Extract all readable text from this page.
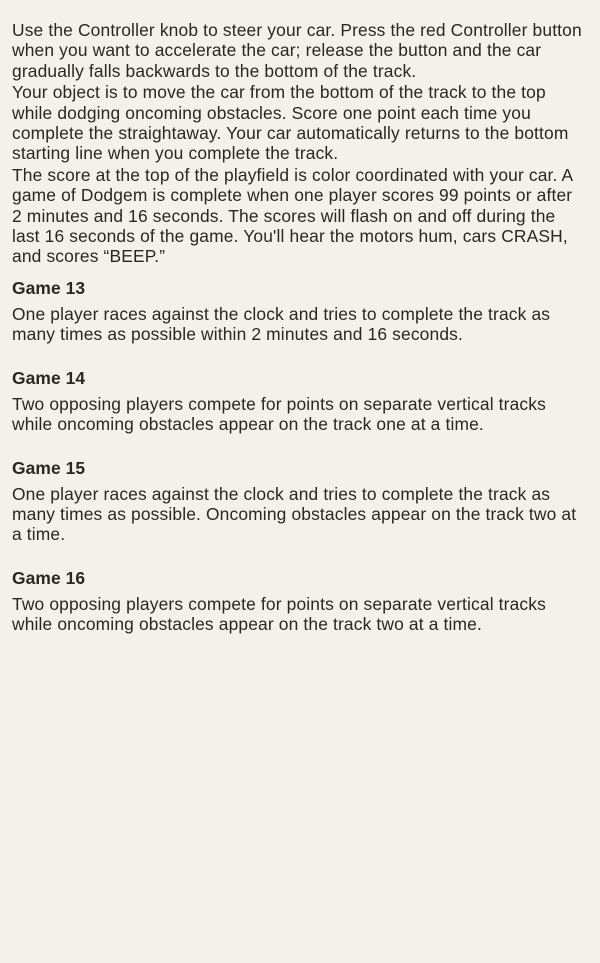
Use the Controller knob to steer your car. Press the red Controller button when you want to accelerate the car; release the button and the car gradually falls backwards to the bottom of the track.

Your object is to move the car from the bottom of the track to the top while dodging oncoming obstacles. Score one point each time you complete the straightaway. Your car automatically returns to the bottom starting line when you complete the track.

The score at the top of the playfield is color coordinated with your car. A game of Dodgem is complete when one player scores 99 points or after 2 minutes and 16 seconds. The scores will flash on and off during the last 16 seconds of the game. You'll hear the motors hum, cars CRASH, and scores “BEEP.”

Game 13

One player races against the clock and tries to complete the track as many times as possible within 2 minutes and 16 seconds.

Game 14

Two opposing players compete for points on separate vertical tracks while oncoming obstacles appear on the track one at a time.

Game 15

One player races against the clock and tries to complete the track as many times as possible. Oncoming obstacles appear on the track two at a time.

Game 16

Two opposing players compete for points on separate vertical tracks while oncoming obstacles appear on the track two at a time.
